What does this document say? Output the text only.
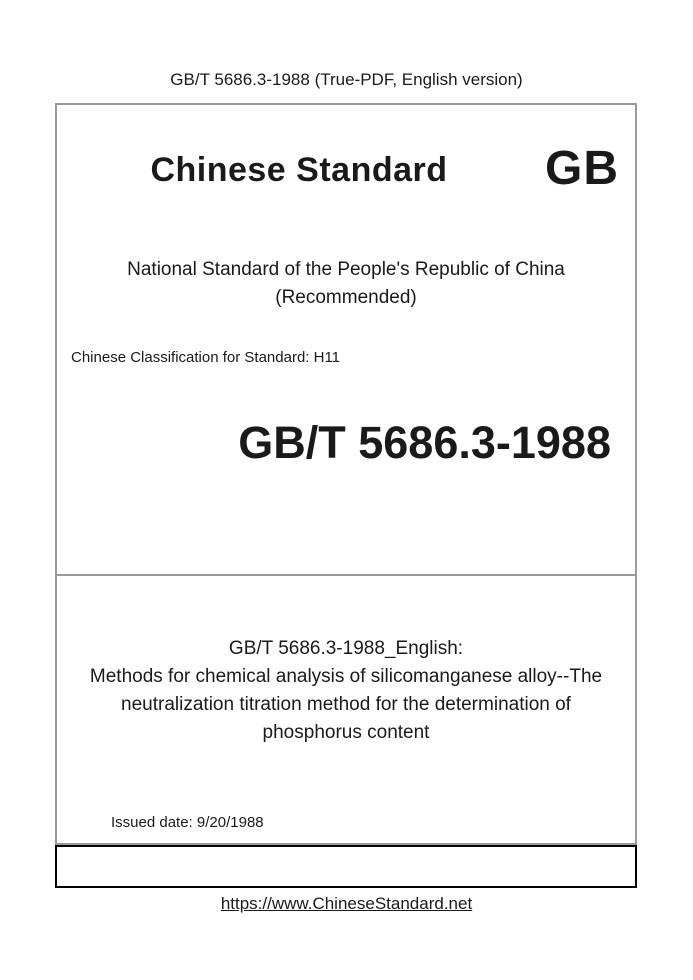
GB/T 5686.3-1988 (True-PDF, English version)
Chinese Standard	GB
National Standard of the People's Republic of China
(Recommended)
Chinese Classification for Standard: H11
GB/T 5686.3-1988
GB/T 5686.3-1988_English:
Methods for chemical analysis of silicomanganese alloy--The
neutralization titration method for the determination of
phosphorus content
Issued date: 9/20/1988
https://www.ChineseStandard.net
